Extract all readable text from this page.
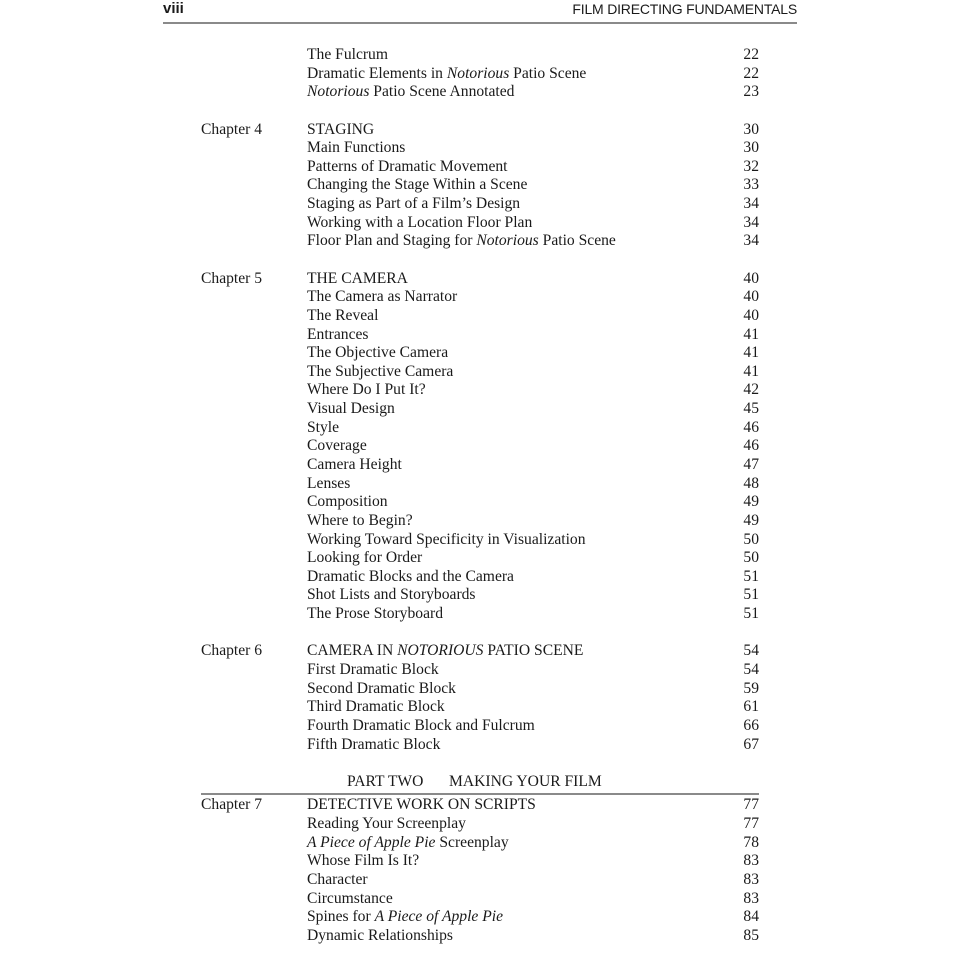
viii	FILM DIRECTING FUNDAMENTALS
The Fulcrum	22
Dramatic Elements in Notorious Patio Scene	22
Notorious Patio Scene Annotated	23
Chapter 4	STAGING	30
Main Functions	30
Patterns of Dramatic Movement	32
Changing the Stage Within a Scene	33
Staging as Part of a Film’s Design	34
Working with a Location Floor Plan	34
Floor Plan and Staging for Notorious Patio Scene	34
Chapter 5	THE CAMERA	40
The Camera as Narrator	40
The Reveal	40
Entrances	41
The Objective Camera	41
The Subjective Camera	41
Where Do I Put It?	42
Visual Design	45
Style	46
Coverage	46
Camera Height	47
Lenses	48
Composition	49
Where to Begin?	49
Working Toward Specificity in Visualization	50
Looking for Order	50
Dramatic Blocks and the Camera	51
Shot Lists and Storyboards	51
The Prose Storyboard	51
Chapter 6	CAMERA IN NOTORIOUS PATIO SCENE	54
First Dramatic Block	54
Second Dramatic Block	59
Third Dramatic Block	61
Fourth Dramatic Block and Fulcrum	66
Fifth Dramatic Block	67
PART TWO MAKING YOUR FILM
Chapter 7	DETECTIVE WORK ON SCRIPTS	77
Reading Your Screenplay	77
A Piece of Apple Pie Screenplay	78
Whose Film Is It?	83
Character	83
Circumstance	83
Spines for A Piece of Apple Pie	84
Dynamic Relationships	85
